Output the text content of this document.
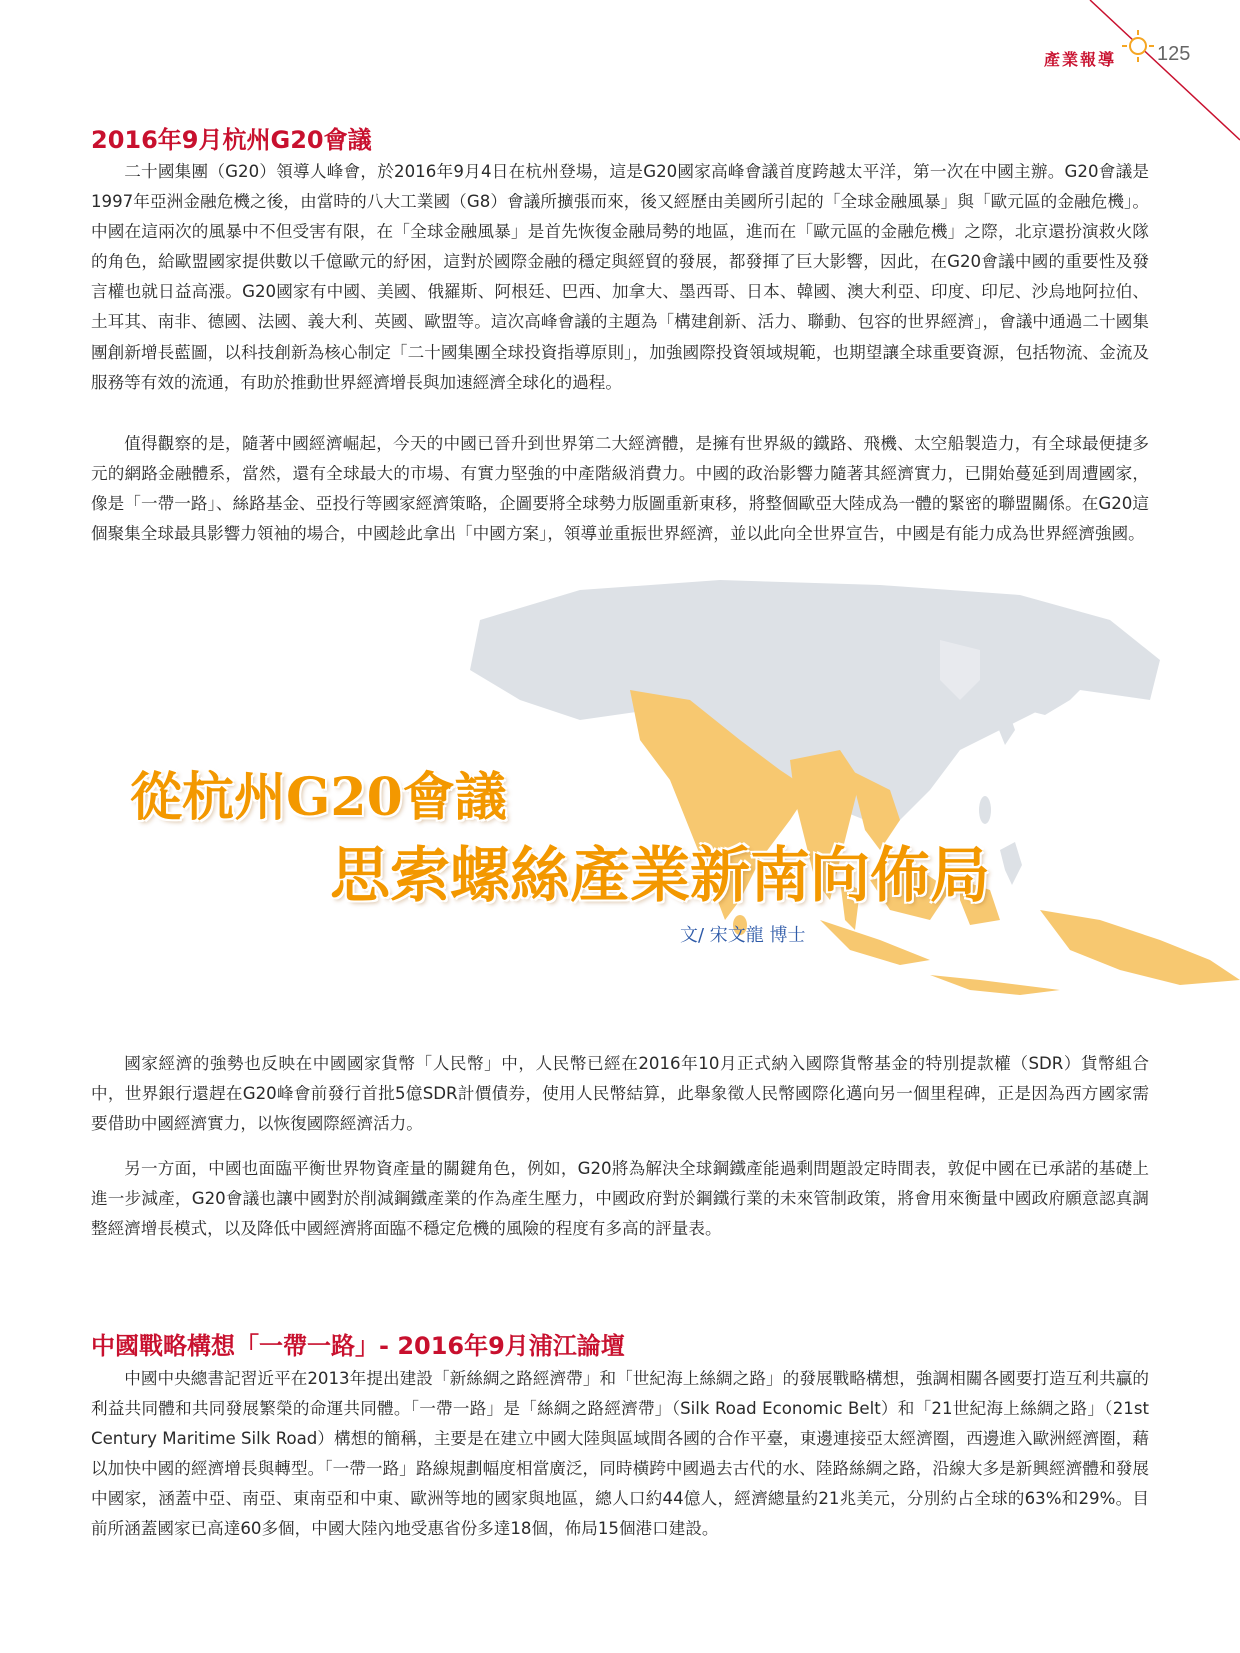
產業報導 125
2016年9月杭州G20會議

二十國集團（G20）領導人峰會，於2016年9月4日在杭州登場，這是G20國家高峰會議首度跨越太平洋，第一次在中國主辦。G20會議是1997年亞洲金融危機之後，由當時的八大工業國（G8）會議所擴張而來，後又經歷由美國所引起的「全球金融風暴」與「歐元區的金融危機」。中國在這兩次的風暴中不但受害有限，在「全球金融風暴」是首先恢復金融局勢的地區，進而在「歐元區的金融危機」之際，北京還扮演救火隊的角色，給歐盟國家提供數以千億歐元的紓困，這對於國際金融的穩定與經貿的發展，都發揮了巨大影響，因此，在G20會議中國的重要性及發言權也就日益高漲。G20國家有中國、美國、俄羅斯、阿根廷、巴西、加拿大、墨西哥、日本、韓國、澳大利亞、印度、印尼、沙烏地阿拉伯、土耳其、南非、德國、法國、義大利、英國、歐盟等。這次高峰會議的主題為「構建創新、活力、聯動、包容的世界經濟」，會議中通過二十國集團創新增長藍圖，以科技創新為核心制定「二十國集團全球投資指導原則」，加強國際投資領域規範，也期望讓全球重要資源，包括物流、金流及服務等有效的流通，有助於推動世界經濟增長與加速經濟全球化的過程。

值得觀察的是，隨著中國經濟崛起，今天的中國已晉升到世界第二大經濟體，是擁有世界級的鐵路、飛機、太空船製造力，有全球最便捷多元的網路金融體系，當然，還有全球最大的市場、有實力堅強的中產階級消費力。中國的政治影響力隨著其經濟實力，已開始蔓延到周遭國家，像是「一帶一路」、絲路基金、亞投行等國家經濟策略，企圖要將全球勢力版圖重新東移，將整個歐亞大陸成為一體的緊密的聯盟關係。在G20這個聚集全球最具影響力領袖的場合，中國趁此拿出「中國方案」，領導並重振世界經濟，並以此向全世界宣告，中國是有能力成為世界經濟強國。

從杭州G20會議
思索螺絲產業新南向佈局
文/ 宋文龍 博士

國家經濟的強勢也反映在中國國家貨幣「人民幣」中，人民幣已經在2016年10月正式納入國際貨幣基金的特別提款權（SDR）貨幣組合中，世界銀行還趕在G20峰會前發行首批5億SDR計價債券，使用人民幣結算，此舉象徵人民幣國際化邁向另一個里程碑，正是因為西方國家需要借助中國經濟實力，以恢復國際經濟活力。

另一方面，中國也面臨平衡世界物資產量的關鍵角色，例如，G20將為解決全球鋼鐵產能過剩問題設定時間表，敦促中國在已承諾的基礎上進一步減產，G20會議也讓中國對於削減鋼鐵產業的作為產生壓力，中國政府對於鋼鐵行業的未來管制政策，將會用來衡量中國政府願意認真調整經濟增長模式，以及降低中國經濟將面臨不穩定危機的風險的程度有多高的評量表。

中國戰略構想「一帶一路」- 2016年9月浦江論壇

中國中央總書記習近平在2013年提出建設「新絲綢之路經濟帶」和「世紀海上絲綢之路」的發展戰略構想，強調相關各國要打造互利共贏的利益共同體和共同發展繁榮的命運共同體。「一帶一路」是「絲綢之路經濟帶」（Silk Road Economic Belt）和「21世紀海上絲綢之路」（21st Century Maritime Silk Road）構想的簡稱，主要是在建立中國大陸與區域間各國的合作平臺，東邊連接亞太經濟圈，西邊進入歐洲經濟圈，藉以加快中國的經濟增長與轉型。「一帶一路」路線規劃幅度相當廣泛，同時橫跨中國過去古代的水、陸路絲綢之路，沿線大多是新興經濟體和發展中國家，涵蓋中亞、南亞、東南亞和中東、歐洲等地的國家與地區，總人口約44億人，經濟總量約21兆美元，分別約占全球的63%和29%。目前所涵蓋國家已高達60多個，中國大陸內地受惠省份多達18個，佈局15個港口建設。
